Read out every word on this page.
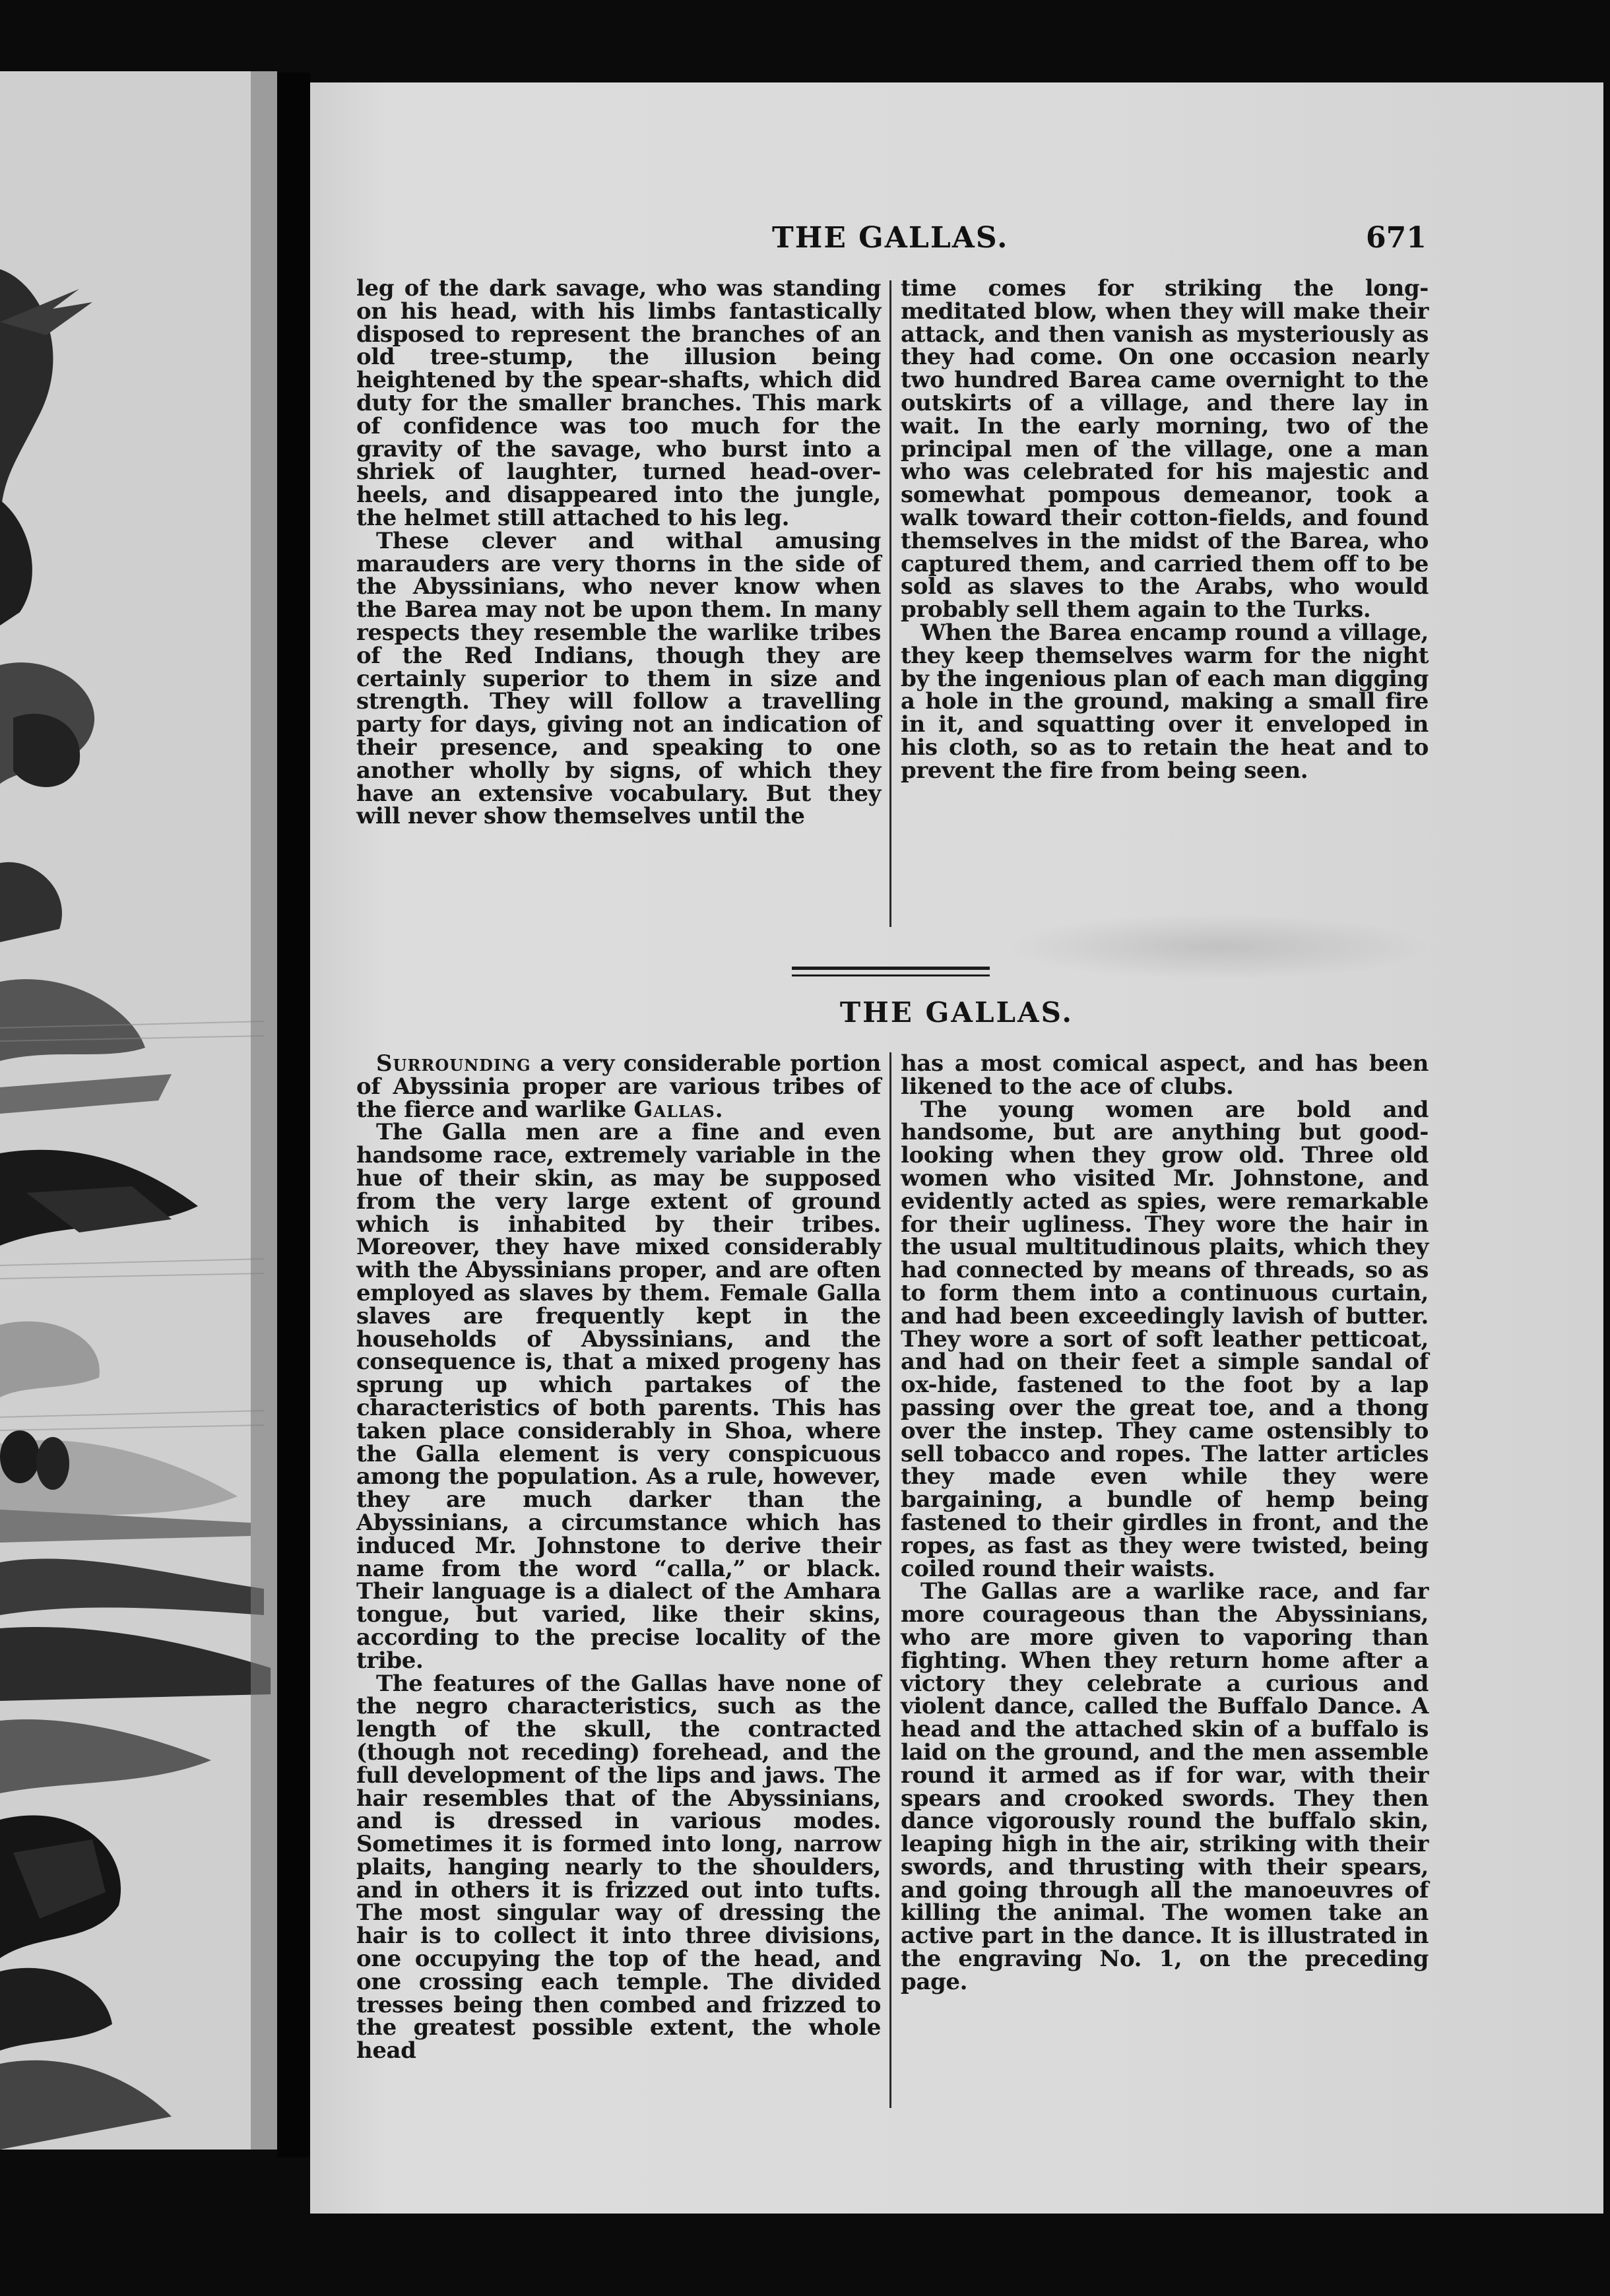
THE GALLAS.	671

leg of the dark savage, who was standing on his head, with his limbs fantastically disposed to represent the branches of an old tree-stump, the illusion being heightened by the spear-shafts, which did duty for the smaller branches. This mark of confidence was too much for the gravity of the savage, who burst into a shriek of laughter, turned head-over-heels, and disappeared into the jungle, the helmet still attached to his leg.

These clever and withal amusing marauders are very thorns in the side of the Abyssinians, who never know when the Barea may not be upon them. In many respects they resemble the warlike tribes of the Red Indians, though they are certainly superior to them in size and strength. They will follow a travelling party for days, giving not an indication of their presence, and speaking to one another wholly by signs, of which they have an extensive vocabulary. But they will never show themselves until the

time comes for striking the long-meditated blow, when they will make their attack, and then vanish as mysteriously as they had come. On one occasion nearly two hundred Barea came overnight to the outskirts of a village, and there lay in wait. In the early morning, two of the principal men of the village, one a man who was celebrated for his majestic and somewhat pompous demeanor, took a walk toward their cotton-fields, and found themselves in the midst of the Barea, who captured them, and carried them off to be sold as slaves to the Arabs, who would probably sell them again to the Turks.

When the Barea encamp round a village, they keep themselves warm for the night by the ingenious plan of each man digging a hole in the ground, making a small fire in it, and squatting over it enveloped in his cloth, so as to retain the heat and to prevent the fire from being seen.

THE GALLAS.

Surrounding a very considerable portion of Abyssinia proper are various tribes of the fierce and warlike Gallas.

The Galla men are a fine and even handsome race, extremely variable in the hue of their skin, as may be supposed from the very large extent of ground which is inhabited by their tribes. Moreover, they have mixed considerably with the Abyssinians proper, and are often employed as slaves by them. Female Galla slaves are frequently kept in the households of Abyssinians, and the consequence is, that a mixed progeny has sprung up which partakes of the characteristics of both parents. This has taken place considerably in Shoa, where the Galla element is very conspicuous among the population. As a rule, however, they are much darker than the Abyssinians, a circumstance which has induced Mr. Johnstone to derive their name from the word “calla,” or black. Their language is a dialect of the Amhara tongue, but varied, like their skins, according to the precise locality of the tribe.

The features of the Gallas have none of the negro characteristics, such as the length of the skull, the contracted (though not receding) forehead, and the full development of the lips and jaws. The hair resembles that of the Abyssinians, and is dressed in various modes. Sometimes it is formed into long, narrow plaits, hanging nearly to the shoulders, and in others it is frizzed out into tufts. The most singular way of dressing the hair is to collect it into three divisions, one occupying the top of the head, and one crossing each temple. The divided tresses being then combed and frizzed to the greatest possible extent, the whole head

has a most comical aspect, and has been likened to the ace of clubs.

The young women are bold and handsome, but are anything but good-looking when they grow old. Three old women who visited Mr. Johnstone, and evidently acted as spies, were remarkable for their ugliness. They wore the hair in the usual multitudinous plaits, which they had connected by means of threads, so as to form them into a continuous curtain, and had been exceedingly lavish of butter. They wore a sort of soft leather petticoat, and had on their feet a simple sandal of ox-hide, fastened to the foot by a lap passing over the great toe, and a thong over the instep. They came ostensibly to sell tobacco and ropes. The latter articles they made even while they were bargaining, a bundle of hemp being fastened to their girdles in front, and the ropes, as fast as they were twisted, being coiled round their waists.

The Gallas are a warlike race, and far more courageous than the Abyssinians, who are more given to vaporing than fighting. When they return home after a victory they celebrate a curious and violent dance, called the Buffalo Dance. A head and the attached skin of a buffalo is laid on the ground, and the men assemble round it armed as if for war, with their spears and crooked swords. They then dance vigorously round the buffalo skin, leaping high in the air, striking with their swords, and thrusting with their spears, and going through all the manoeuvres of killing the animal. The women take an active part in the dance. It is illustrated in the engraving No. 1, on the preceding page.
